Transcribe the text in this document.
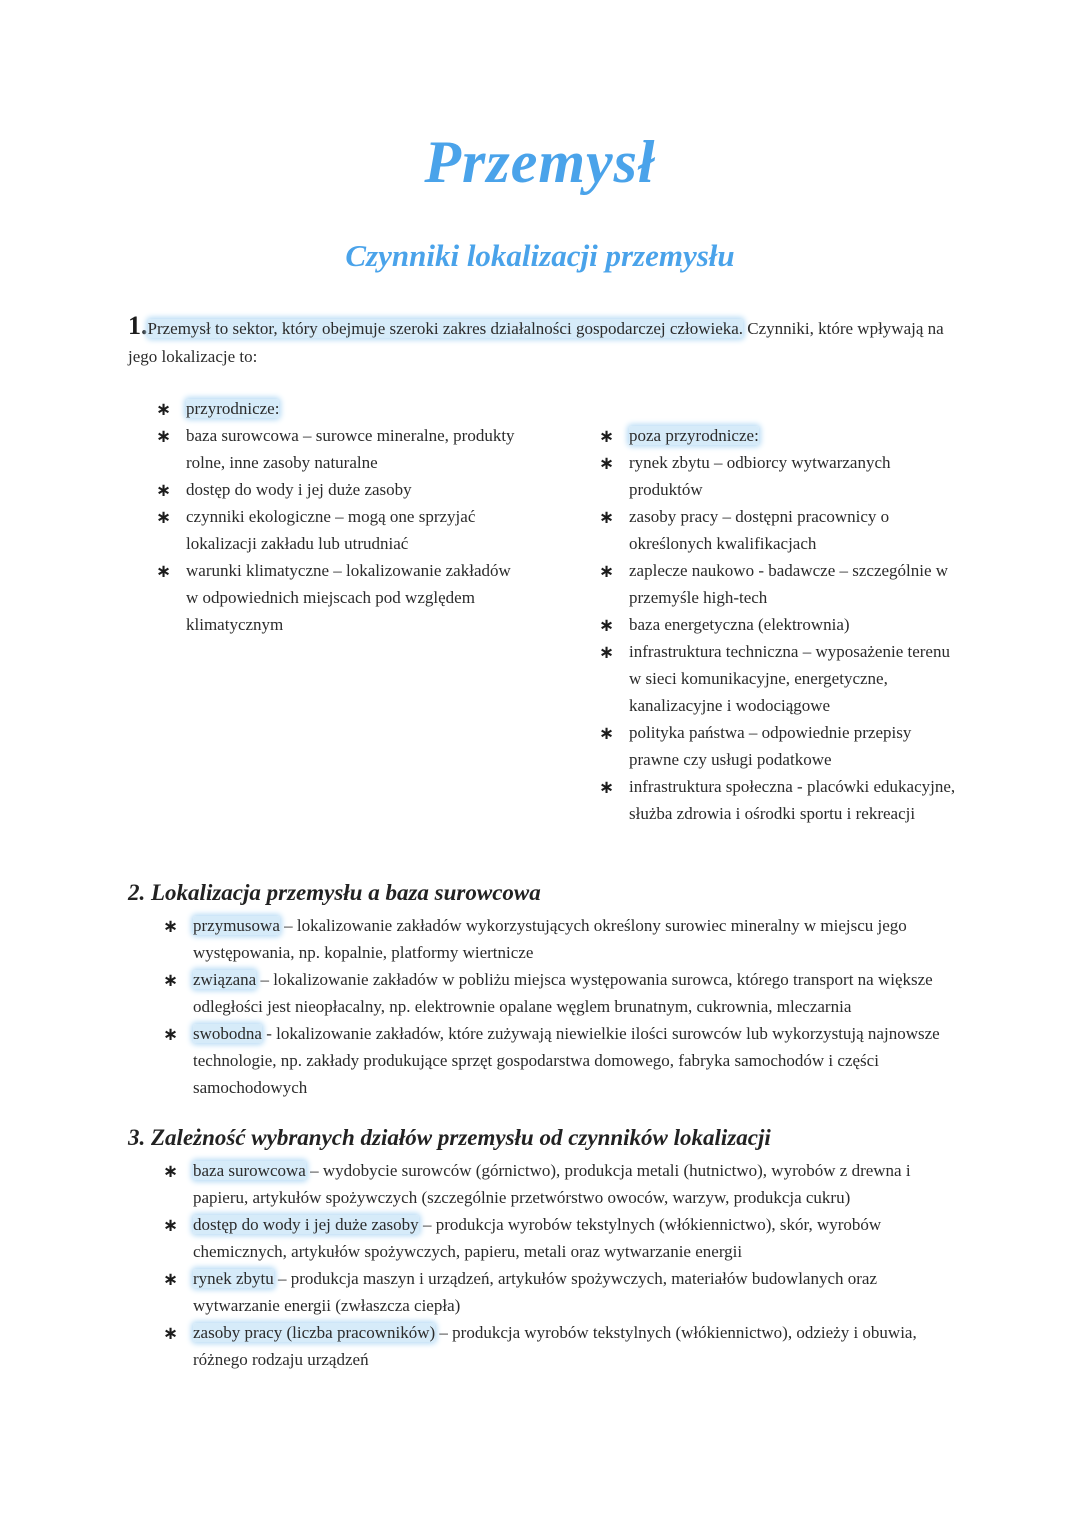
Przemysł
Czynniki lokalizacji przemysłu
1.Przemysł to sektor, który obejmuje szeroki zakres działalności gospodarczej człowieka. Czynniki, które wpływają na jego lokalizacje to:
∗ przyrodnicze:
∗ baza surowcowa – surowce mineralne, produkty rolne, inne zasoby naturalne
∗ dostęp do wody i jej duże zasoby
∗ czynniki ekologiczne – mogą one sprzyjać lokalizacji zakładu lub utrudniać
∗ warunki klimatyczne – lokalizowanie zakładów w odpowiednich miejscach pod względem klimatycznym
∗ poza przyrodnicze:
∗ rynek zbytu – odbiorcy wytwarzanych produktów
∗ zasoby pracy – dostępni pracownicy o określonych kwalifikacjach
∗ zaplecze naukowo - badawcze – szczególnie w przemyśle high-tech
∗ baza energetyczna (elektrownia)
∗ infrastruktura techniczna – wyposażenie terenu w sieci komunikacyjne, energetyczne, kanalizacyjne i wodociągowe
∗ polityka państwa – odpowiednie przepisy prawne czy usługi podatkowe
∗ infrastruktura społeczna - placówki edukacyjne, służba zdrowia i ośrodki sportu i rekreacji
2. Lokalizacja przemysłu a baza surowcowa
∗ przymusowa – lokalizowanie zakładów wykorzystujących określony surowiec mineralny w miejscu jego występowania, np. kopalnie, platformy wiertnicze
∗ związana – lokalizowanie zakładów w pobliżu miejsca występowania surowca, którego transport na większe odległości jest nieopłacalny, np. elektrownie opalane węglem brunatnym, cukrownia, mleczarnia
∗ swobodna - lokalizowanie zakładów, które zużywają niewielkie ilości surowców lub wykorzystują najnowsze technologie, np. zakłady produkujące sprzęt gospodarstwa domowego, fabryka samochodów i części samochodowych
3. Zależność wybranych działów przemysłu od czynników lokalizacji
∗ baza surowcowa – wydobycie surowców (górnictwo), produkcja metali (hutnictwo), wyrobów z drewna i papieru, artykułów spożywczych (szczególnie przetwórstwo owoców, warzyw, produkcja cukru)
∗ dostęp do wody i jej duże zasoby – produkcja wyrobów tekstylnych (włókiennictwo), skór, wyrobów chemicznych, artykułów spożywczych, papieru, metali oraz wytwarzanie energii
∗ rynek zbytu – produkcja maszyn i urządzeń, artykułów spożywczych, materiałów budowlanych oraz wytwarzanie energii (zwłaszcza ciepła)
∗ zasoby pracy (liczba pracowników) – produkcja wyrobów tekstylnych (włókiennictwo), odzieży i obuwia, różnego rodzaju urządzeń
